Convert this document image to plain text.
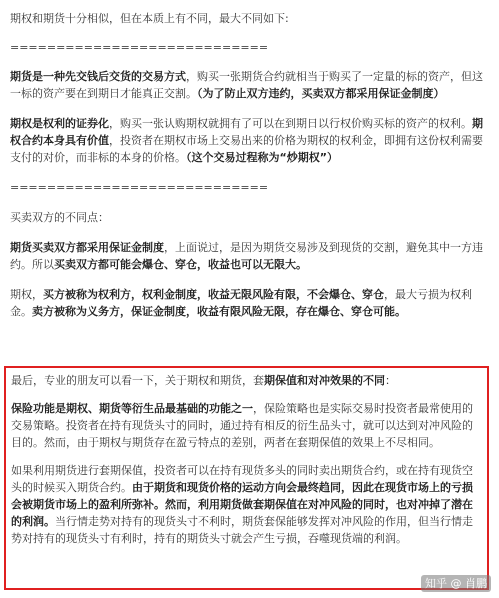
期权和期货十分相似，但在本质上有不同，最大不同如下:

============================

期货是一种先交钱后交货的交易方式，购买一张期货合约就相当于购买了一定量的标的资产，但这一标的资产要在到期日才能真正交割。（为了防止双方违约，买卖双方都采用保证金制度）

期权是权利的证券化，购买一张认购期权就拥有了可以在到期日以行权价购买标的资产的权利。期权合约本身具有价值，投资者在期权市场上交易出来的价格为期权的权利金，即拥有这份权利需要支付的对价，而非标的本身的价格。（这个交易过程称为“炒期权”）

============================

买卖双方的不同点：

期货买卖双方都采用保证金制度，上面说过，是因为期货交易涉及到现货的交割，避免其中一方违约。所以买卖双方都可能会爆仓、穿仓，收益也可以无限大。

期权，买方被称为权利方，权利金制度，收益无限风险有限，不会爆仓、穿仓，最大亏损为权利金。卖方被称为义务方，保证金制度，收益有限风险无限，存在爆仓、穿仓可能。

最后，专业的朋友可以看一下，关于期权和期货，套期保值和对冲效果的不同：

保险功能是期权、期货等衍生品最基础的功能之一，保险策略也是实际交易时投资者最常使用的交易策略。投资者在持有现货头寸的同时，通过持有相反的衍生品头寸，就可以达到对冲风险的目的。然而，由于期权与期货存在盈亏特点的差别，两者在套期保值的效果上不尽相同。

如果利用期货进行套期保值，投资者可以在持有现货多头的同时卖出期货合约，或在持有现货空头的时候买入期货合约。由于期货和现货价格的运动方向会最终趋同，因此在现货市场上的亏损会被期货市场上的盈利所弥补。然而，利用期货做套期保值在对冲风险的同时，也对冲掉了潜在的利润。当行情走势对持有的现货头寸不利时，期货套保能够发挥对冲风险的作用，但当行情走势对持有的现货头寸有利时，持有的期货头寸就会产生亏损，吞噬现货端的利润。

知乎 @ 肖鹏
